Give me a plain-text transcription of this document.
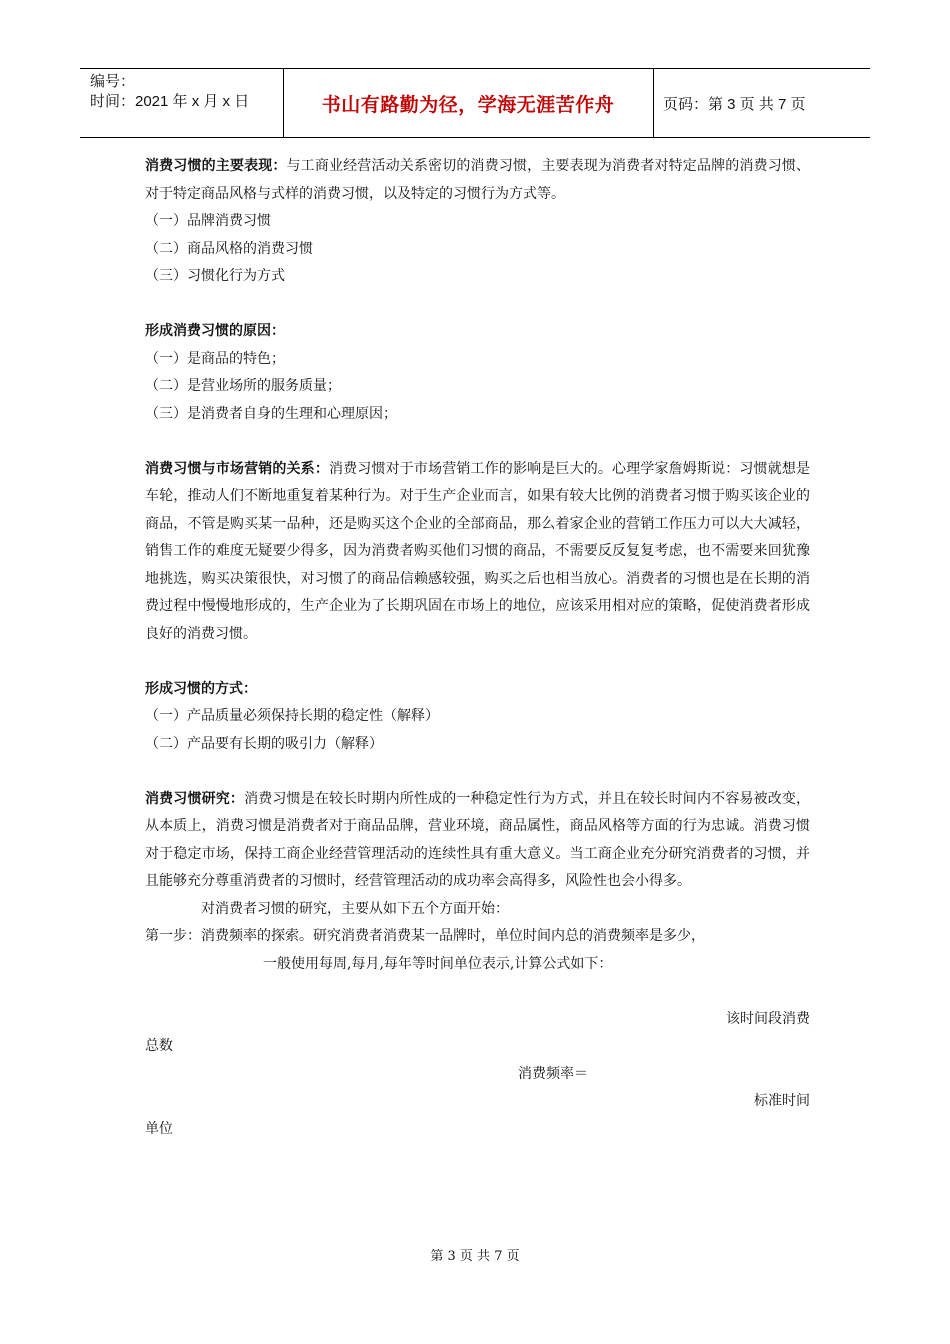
编号：
时间：2021 年 x 月 x 日	书山有路勤为径，学海无涯苦作舟	页码：第 3 页 共 7 页

消费习惯的主要表现：与工商业经营活动关系密切的消费习惯，主要表现为消费者对特定品牌的消费习惯、对于特定商品风格与式样的消费习惯，以及特定的习惯行为方式等。

（一）品牌消费习惯

（二）商品风格的消费习惯

（三）习惯化行为方式

形成消费习惯的原因：

（一）是商品的特色；

（二）是营业场所的服务质量；

（三）是消费者自身的生理和心理原因；

消费习惯与市场营销的关系：消费习惯对于市场营销工作的影响是巨大的。心理学家詹姆斯说：习惯就想是车轮，推动人们不断地重复着某种行为。对于生产企业而言，如果有较大比例的消费者习惯于购买该企业的商品，不管是购买某一品种，还是购买这个企业的全部商品，那么着家企业的营销工作压力可以大大减轻，销售工作的难度无疑要少得多，因为消费者购买他们习惯的商品，不需要反反复复考虑，也不需要来回犹豫地挑选，购买决策很快，对习惯了的商品信赖感较强，购买之后也相当放心。消费者的习惯也是在长期的消费过程中慢慢地形成的，生产企业为了长期巩固在市场上的地位，应该采用相对应的策略，促使消费者形成良好的消费习惯。

形成习惯的方式：

（一）产品质量必须保持长期的稳定性（解释）

（二）产品要有长期的吸引力（解释）

消费习惯研究：消费习惯是在较长时期内所性成的一种稳定性行为方式，并且在较长时间内不容易被改变，从本质上，消费习惯是消费者对于商品品牌，营业环境，商品属性，商品风格等方面的行为忠诚。消费习惯对于稳定市场，保持工商企业经营管理活动的连续性具有重大意义。当工商企业充分研究消费者的习惯，并且能够充分尊重消费者的习惯时，经营管理活动的成功率会高得多，风险性也会小得多。

对消费者习惯的研究，主要从如下五个方面开始：

第一步：消费频率的探索。研究消费者消费某一品牌时，单位时间内总的消费频率是多少，

一般使用每周,每月,每年等时间单位表示,计算公式如下：

该时间段消费

总数

消费频率＝

标准时间

单位

第 3 页 共 7 页
